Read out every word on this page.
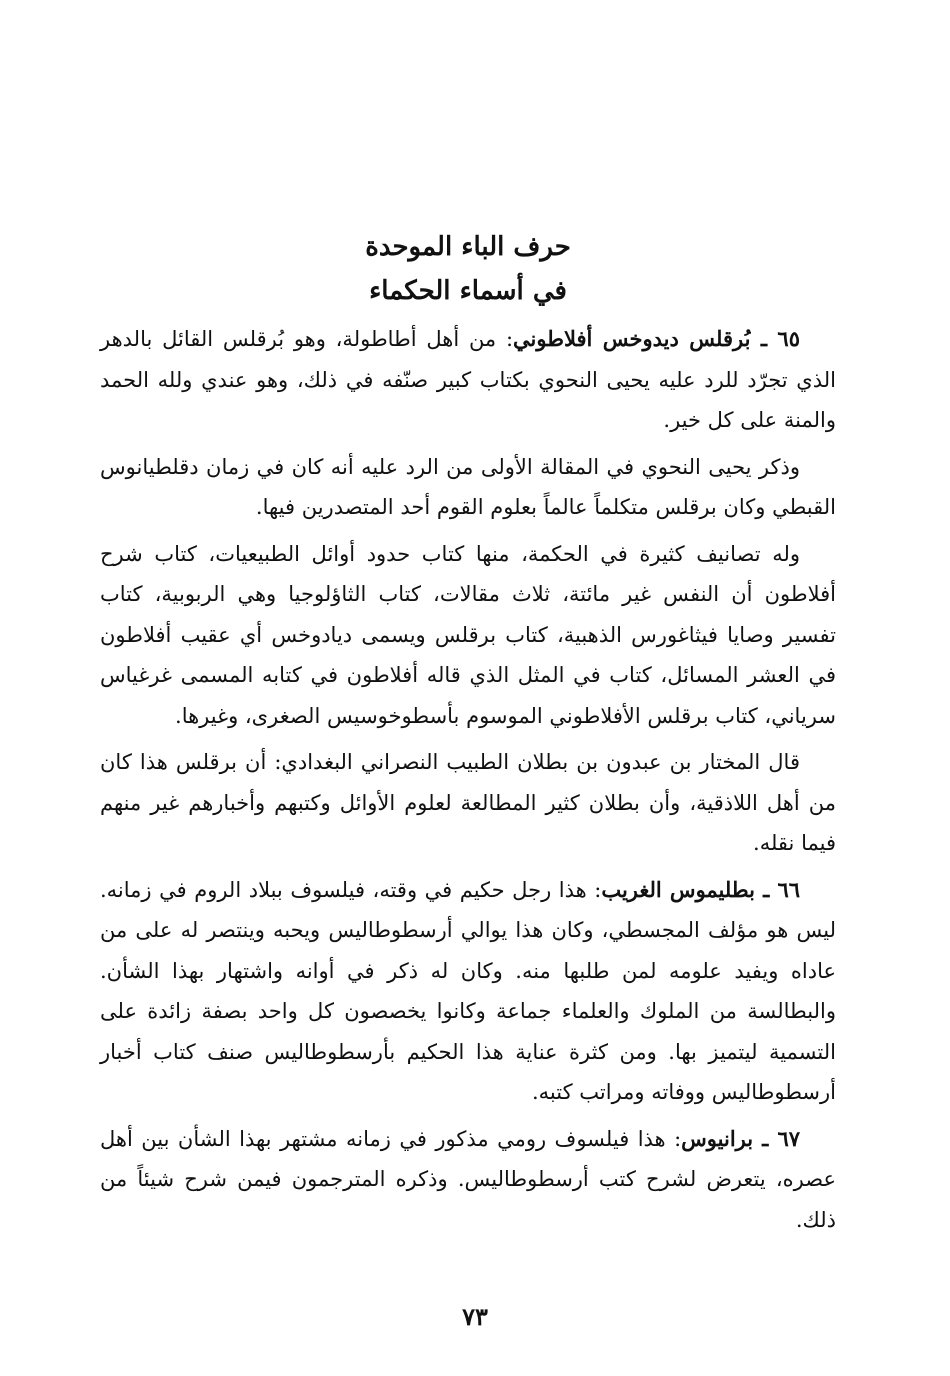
حرف الباء الموحدة
في أسماء الحكماء

٦٥ ـ بُرقلس ديدوخس أفلاطوني: من أهل أطاطولة، وهو بُرقلس القائل بالدهر الذي تجرّد للرد عليه يحيى النحوي بكتاب كبير صنّفه في ذلك، وهو عندي ولله الحمد والمنة على كل خير.

وذكر يحيى النحوي في المقالة الأولى من الرد عليه أنه كان في زمان دقلطيانوس القبطي وكان برقلس متكلماً عالماً بعلوم القوم أحد المتصدرين فيها.

وله تصانيف كثيرة في الحكمة، منها كتاب حدود أوائل الطبيعيات، كتاب شرح أفلاطون أن النفس غير مائتة، ثلاث مقالات، كتاب الثاؤلوجيا وهي الربوبية، كتاب تفسير وصايا فيثاغورس الذهبية، كتاب برقلس ويسمى ديادوخس أي عقيب أفلاطون في العشر المسائل، كتاب في المثل الذي قاله أفلاطون في كتابه المسمى غرغياس سرياني، كتاب برقلس الأفلاطوني الموسوم بأسطوخوسيس الصغرى، وغيرها.

قال المختار بن عبدون بن بطلان الطبيب النصراني البغدادي: أن برقلس هذا كان من أهل اللاذقية، وأن بطلان كثير المطالعة لعلوم الأوائل وكتبهم وأخبارهم غير منهم فيما نقله.

٦٦ ـ بطليموس الغريب: هذا رجل حكيم في وقته، فيلسوف ببلاد الروم في زمانه. ليس هو مؤلف المجسطي، وكان هذا يوالي أرسطوطاليس ويحبه وينتصر له على من عاداه ويفيد علومه لمن طلبها منه. وكان له ذكر في أوانه واشتهار بهذا الشأن. والبطالسة من الملوك والعلماء جماعة وكانوا يخصصون كل واحد بصفة زائدة على التسمية ليتميز بها. ومن كثرة عناية هذا الحكيم بأرسطوطاليس صنف كتاب أخبار أرسطوطاليس ووفاته ومراتب كتبه.

٦٧ ـ برانيوس: هذا فيلسوف رومي مذكور في زمانه مشتهر بهذا الشأن بين أهل عصره، يتعرض لشرح كتب أرسطوطاليس. وذكره المترجمون فيمن شرح شيئاً من ذلك.

٧٣
